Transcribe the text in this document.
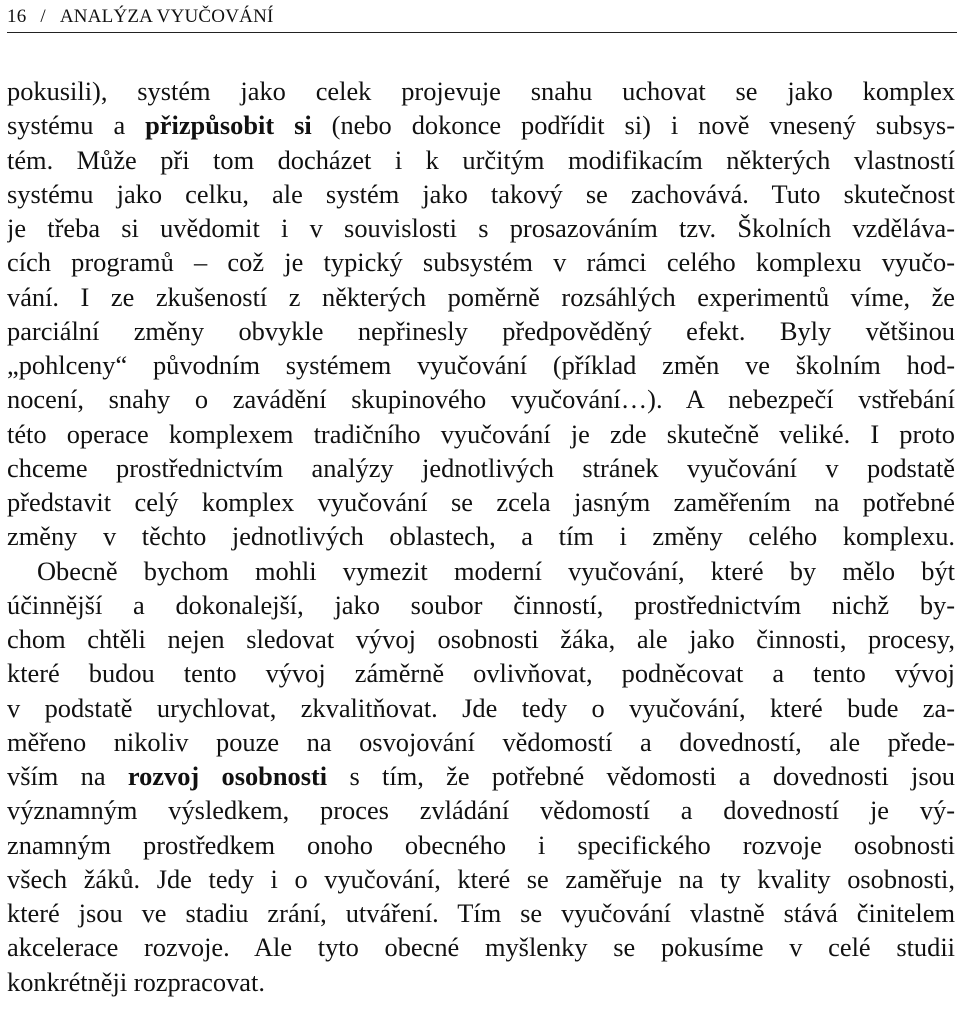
16 / ANALÝZA VYUČOVÁNÍ
pokusili), systém jako celek projevuje snahu uchovat se jako komplex
systému a přizpůsobit si (nebo dokonce podřídit si) i nově vnesený subsys-
tém. Může při tom docházet i k určitým modifikacím některých vlastností
systému jako celku, ale systém jako takový se zachovává. Tuto skutečnost
je třeba si uvědomit i v souvislosti s prosazováním tzv. Školních vzděláva-
cích programů – což je typický subsystém v rámci celého komplexu vyučo-
vání. I ze zkušeností z některých poměrně rozsáhlých experimentů víme, že
parciální změny obvykle nepřinesly předpověděný efekt. Byly většinou
„pohlceny“ původním systémem vyučování (příklad změn ve školním hod-
nocení, snahy o zavádění skupinového vyučování…). A nebezpečí vstřebání
této operace komplexem tradičního vyučování je zde skutečně veliké. I proto
chceme prostřednictvím analýzy jednotlivých stránek vyučování v podstatě
představit celý komplex vyučování se zcela jasným zaměřením na potřebné
změny v těchto jednotlivých oblastech, a tím i změny celého komplexu.
Obecně bychom mohli vymezit moderní vyučování, které by mělo být
účinnější a dokonalejší, jako soubor činností, prostřednictvím nichž by-
chom chtěli nejen sledovat vývoj osobnosti žáka, ale jako činnosti, procesy,
které budou tento vývoj záměrně ovlivňovat, podněcovat a tento vývoj
v podstatě urychlovat, zkvalitňovat. Jde tedy o vyučování, které bude za-
měřeno nikoliv pouze na osvojování vědomostí a dovedností, ale přede-
vším na rozvoj osobnosti s tím, že potřebné vědomosti a dovednosti jsou
významným výsledkem, proces zvládání vědomostí a dovedností je vý-
znamným prostředkem onoho obecného i specifického rozvoje osobnosti
všech žáků. Jde tedy i o vyučování, které se zaměřuje na ty kvality osobnosti,
které jsou ve stadiu zrání, utváření. Tím se vyučování vlastně stává činitelem
akcelerace rozvoje. Ale tyto obecné myšlenky se pokusíme v celé studii
konkrétněji rozpracovat.
